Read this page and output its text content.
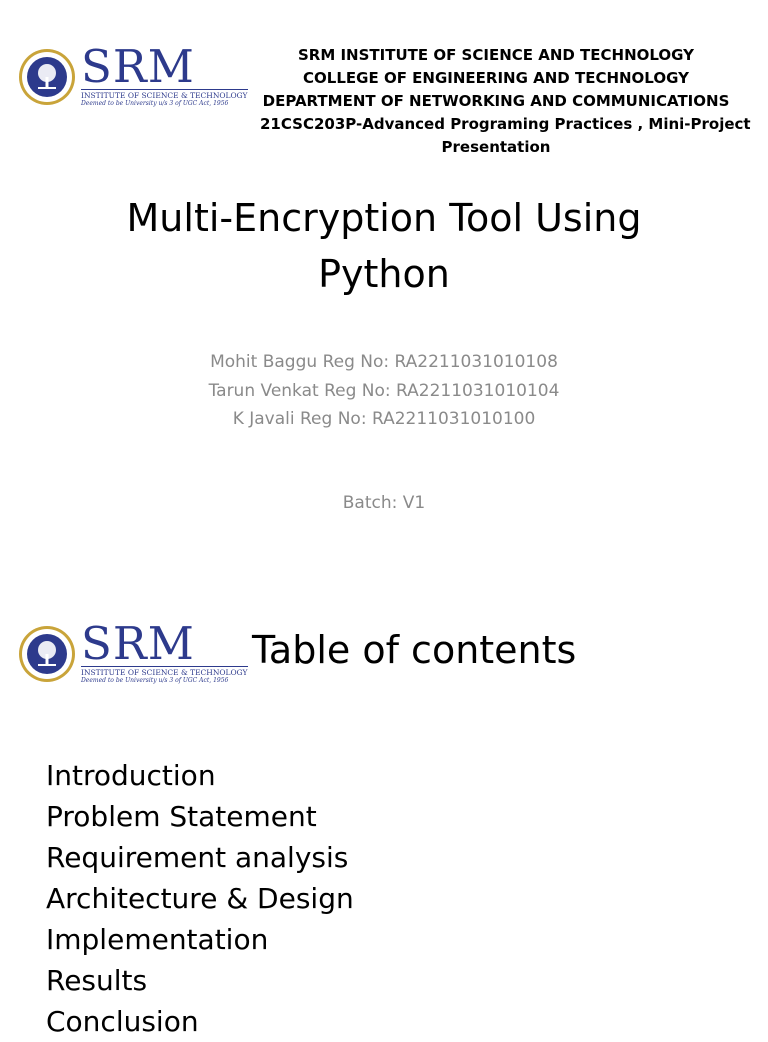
SRM
INSTITUTE OF SCIENCE & TECHNOLOGY
Deemed to be University u/s 3 of UGC Act, 1956
SRM INSTITUTE OF SCIENCE AND TECHNOLOGY
COLLEGE OF ENGINEERING AND TECHNOLOGY
DEPARTMENT OF NETWORKING AND COMMUNICATIONS
21CSC203P-Advanced Programing Practices , Mini-Project
Presentation
Multi-Encryption Tool Using
Python
Mohit Baggu Reg No: RA2211031010108
Tarun Venkat Reg No: RA2211031010104
K Javali Reg No: RA2211031010100
Batch: V1
SRM
INSTITUTE OF SCIENCE & TECHNOLOGY
Deemed to be University u/s 3 of UGC Act, 1956
Table of contents
Introduction
Problem Statement
Requirement analysis
Architecture & Design
Implementation
Results
Conclusion
